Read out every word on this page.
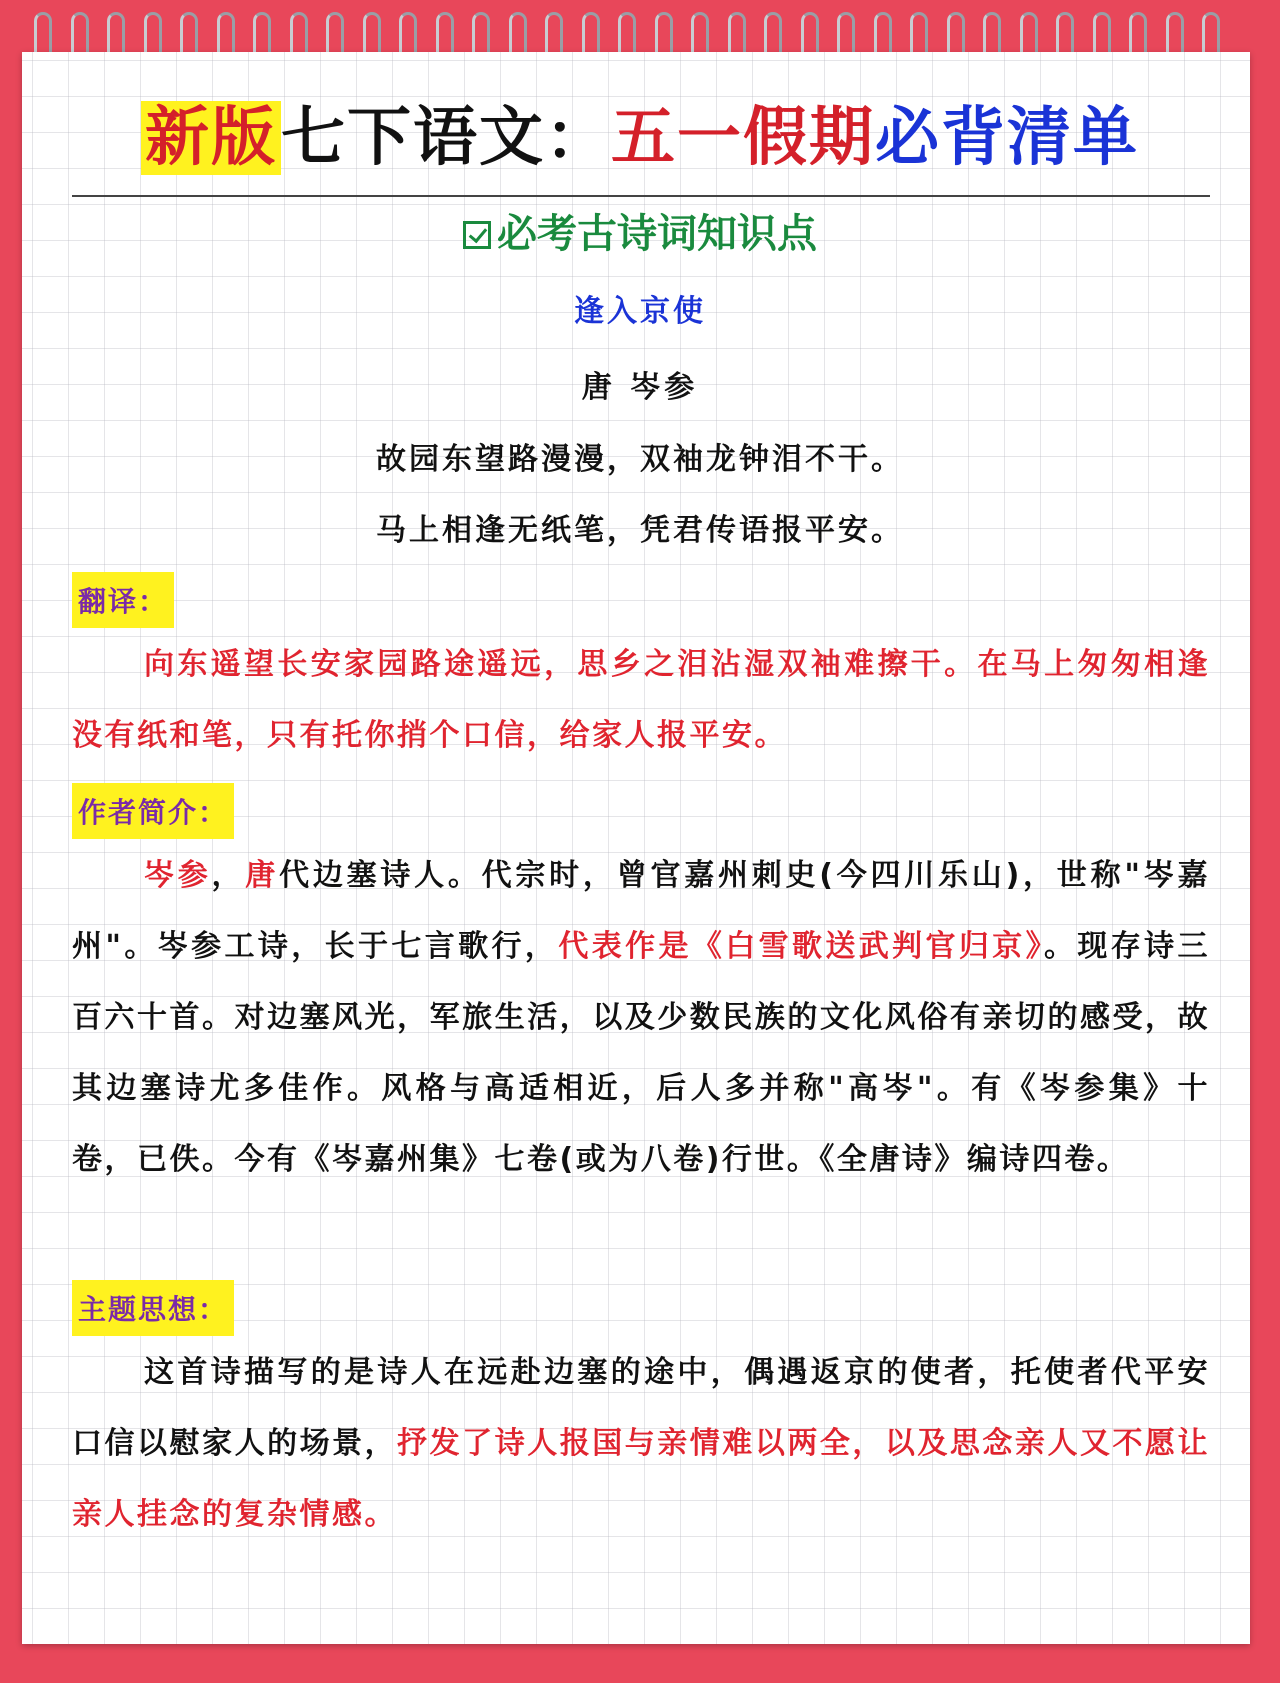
新版七下语文：五一假期必背清单
必考古诗词知识点
逢入京使
唐 岑参
故园东望路漫漫，双袖龙钟泪不干。
马上相逢无纸笔，凭君传语报平安。
翻译：
向东遥望长安家园路途遥远，思乡之泪沾湿双袖难擦干。在马上匆匆相逢没有纸和笔，只有托你捎个口信，给家人报平安。
作者简介：
岑参，唐代边塞诗人。代宗时，曾官嘉州刺史(今四川乐山)，世称"岑嘉州"。岑参工诗，长于七言歌行，代表作是《白雪歌送武判官归京》。现存诗三百六十首。对边塞风光，军旅生活，以及少数民族的文化风俗有亲切的感受，故其边塞诗尤多佳作。风格与高适相近，后人多并称"高岑"。有《岑参集》十卷，已佚。今有《岑嘉州集》七卷(或为八卷)行世。《全唐诗》编诗四卷。
主题思想：
这首诗描写的是诗人在远赴边塞的途中，偶遇返京的使者，托使者代平安口信以慰家人的场景，抒发了诗人报国与亲情难以两全，以及思念亲人又不愿让亲人挂念的复杂情感。
